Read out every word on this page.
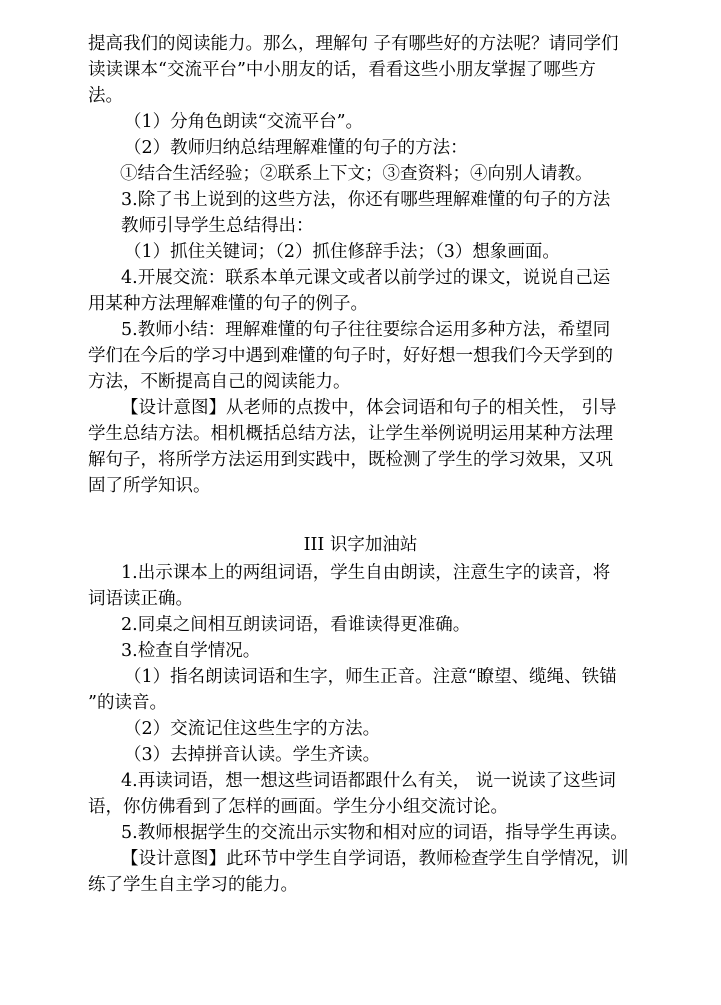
提高我们的阅读能力。那么，理解句 子有哪些好的方法呢？请同学们
读读课本“交流平台”中小朋友的话，看看这些小朋友掌握了哪些方
法。
（1）分角色朗读“交流平台”。
（2）教师归纳总结理解难懂的句子的方法：
①结合生活经验；②联系上下文；③查资料；④向别人请教。
3.除了书上说到的这些方法，你还有哪些理解难懂的句子的方法
教师引导学生总结得出：
（1）抓住关键词；（2）抓住修辞手法；（3）想象画面。
4.开展交流：联系本单元课文或者以前学过的课文，说说自己运
用某种方法理解难懂的句子的例子。
5.教师小结：理解难懂的句子往往要综合运用多种方法，希望同
学们在今后的学习中遇到难懂的句子时，好好想一想我们今天学到的
方法，不断提高自己的阅读能力。
【设计意图】从老师的点拨中，体会词语和句子的相关性， 引导
学生总结方法。相机概括总结方法，让学生举例说明运用某种方法理
解句子，将所学方法运用到实践中，既检测了学生的学习效果，又巩
固了所学知识。
III 识字加油站
1.出示课本上的两组词语，学生自由朗读，注意生字的读音，将
词语读正确。
2.同桌之间相互朗读词语，看谁读得更准确。
3.检查自学情况。
（1）指名朗读词语和生字，师生正音。注意“瞭望、缆绳、铁锚
”的读音。
（2）交流记住这些生字的方法。
（3）去掉拼音认读。学生齐读。
4.再读词语，想一想这些词语都跟什么有关， 说一说读了这些词
语，你仿佛看到了怎样的画面。学生分小组交流讨论。
5.教师根据学生的交流出示实物和相对应的词语，指导学生再读。
【设计意图】此环节中学生自学词语，教师检查学生自学情况，训
练了学生自主学习的能力。
